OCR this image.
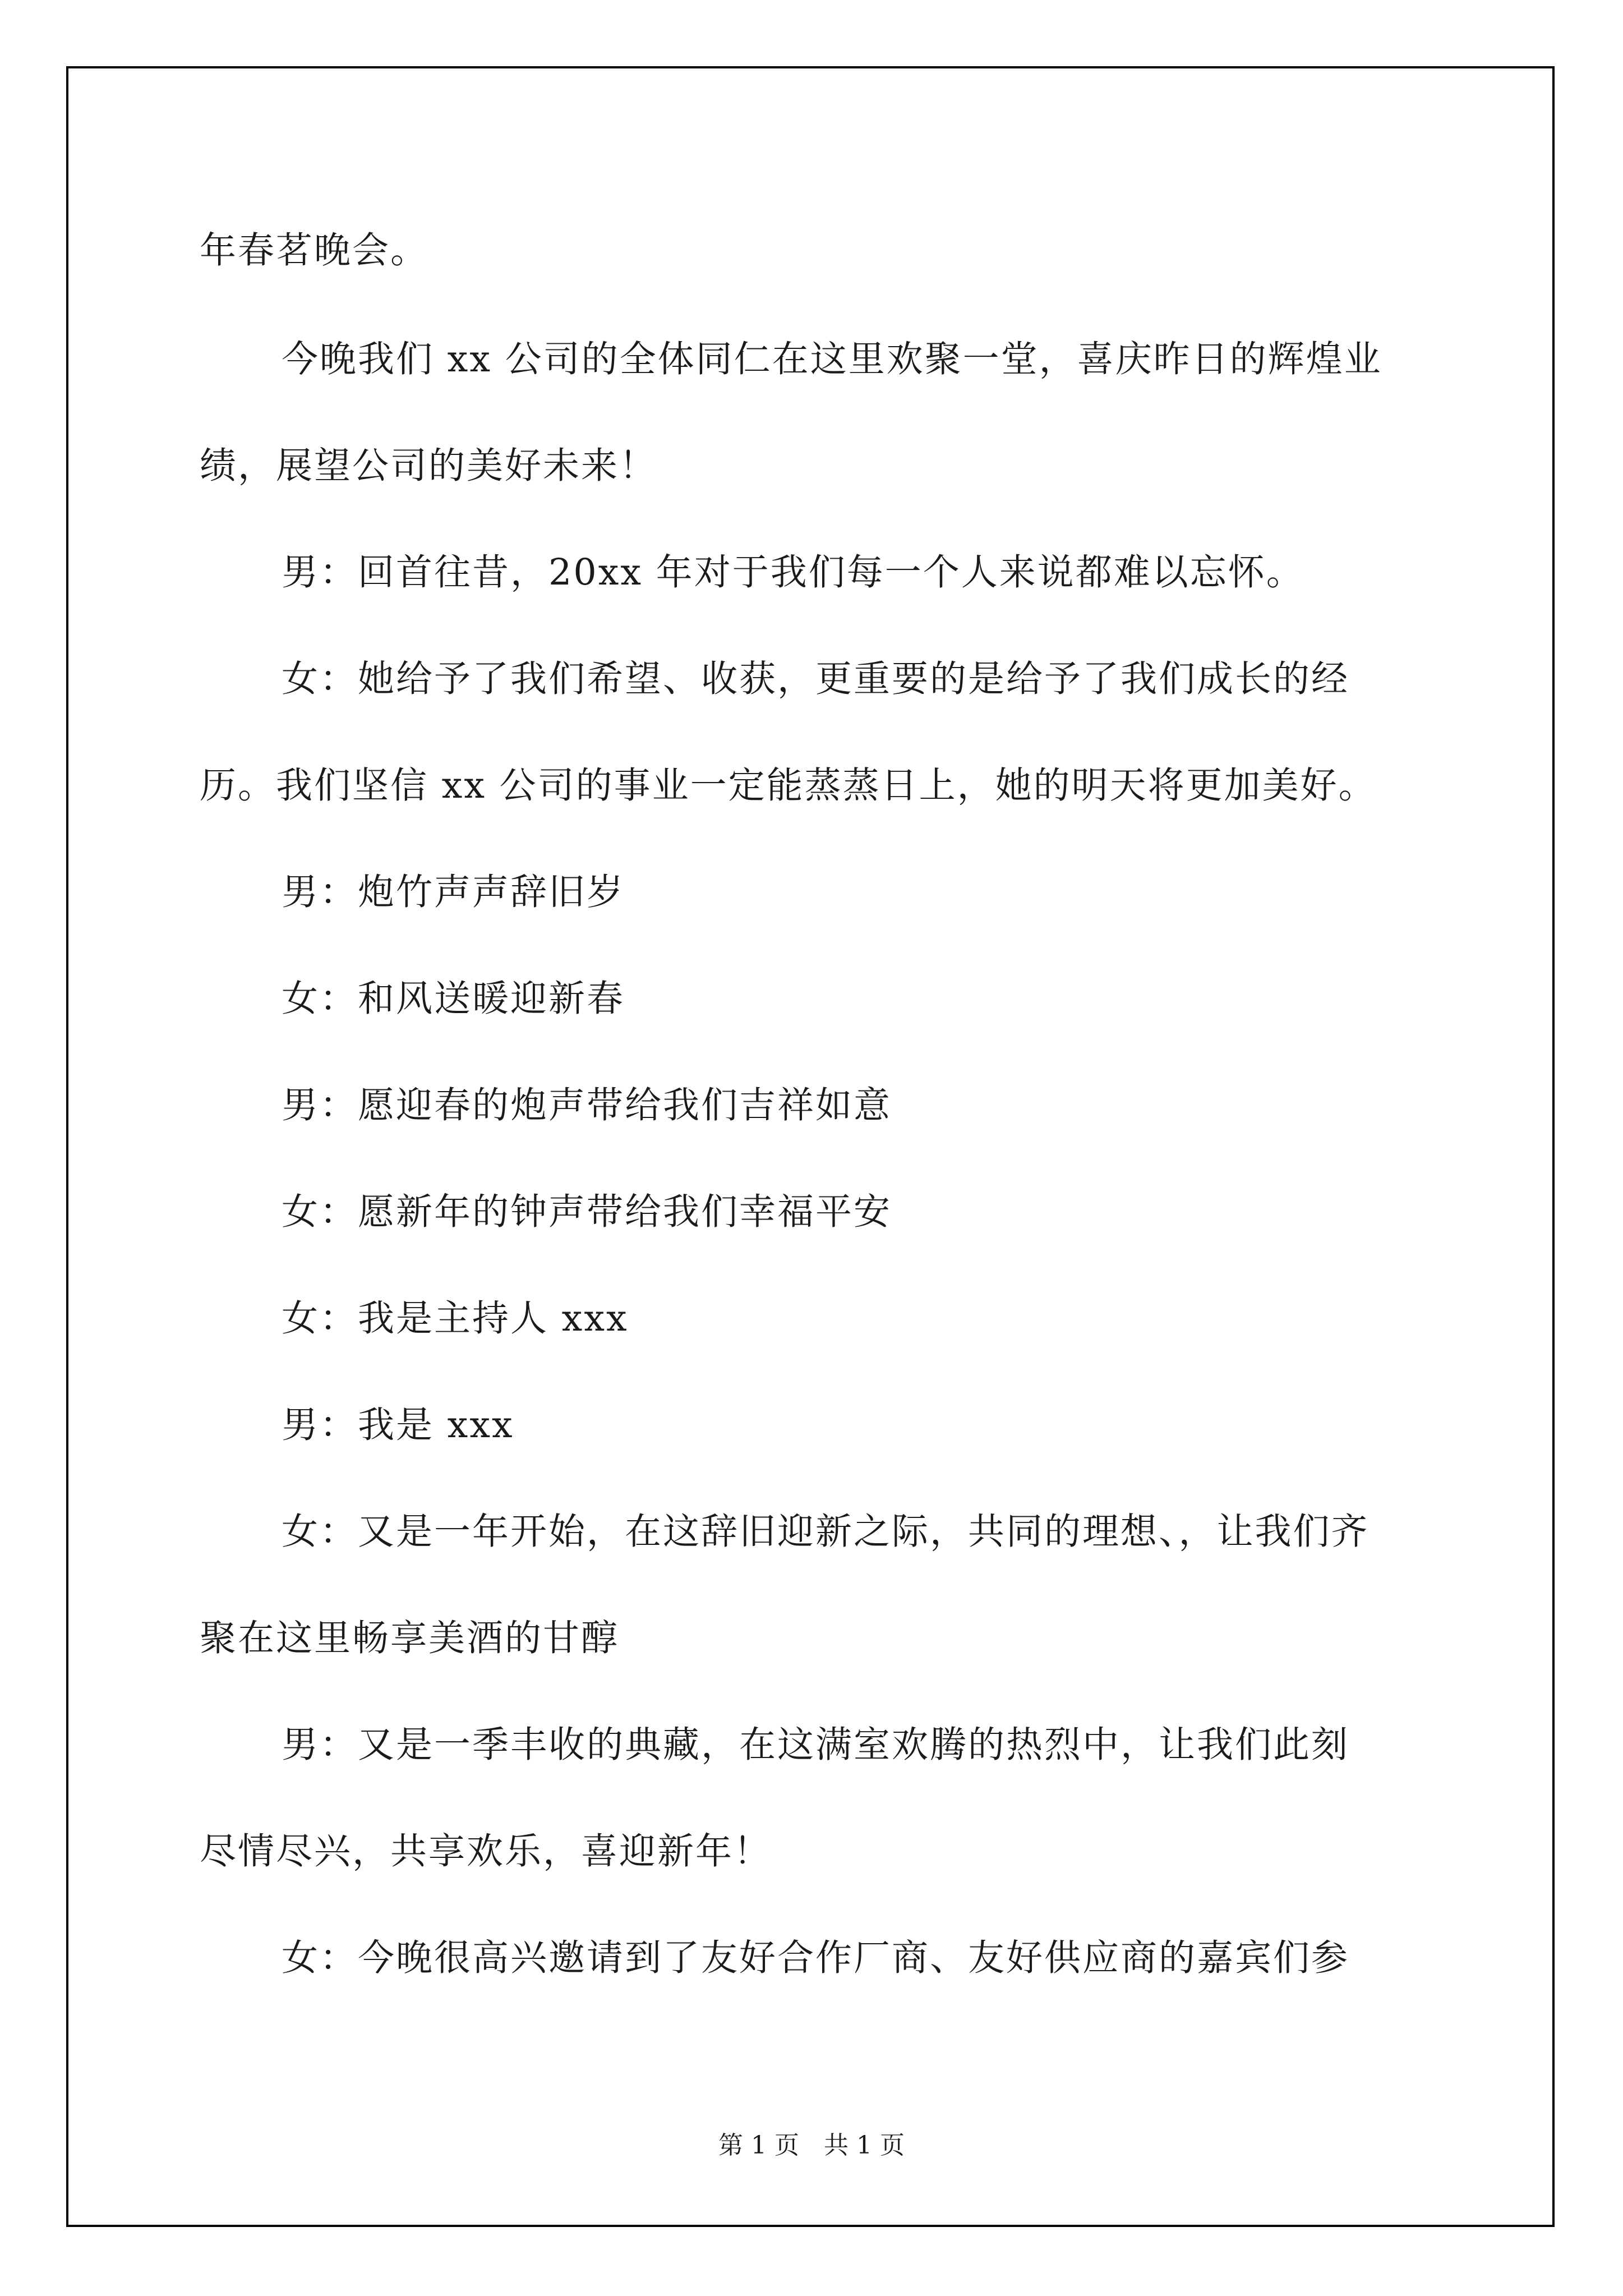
年春茗晚会。
今晚我们 xx 公司的全体同仁在这里欢聚一堂，喜庆昨日的辉煌业
绩，展望公司的美好未来！
男：回首往昔，20xx 年对于我们每一个人来说都难以忘怀。
女：她给予了我们希望、收获，更重要的是给予了我们成长的经
历。我们坚信 xx 公司的事业一定能蒸蒸日上，她的明天将更加美好。
男：炮竹声声辞旧岁
女：和风送暖迎新春
男：愿迎春的炮声带给我们吉祥如意
女：愿新年的钟声带给我们幸福平安
女：我是主持人 xxx
男：我是 xxx
女：又是一年开始，在这辞旧迎新之际，共同的理想、，让我们齐
聚在这里畅享美酒的甘醇
男：又是一季丰收的典藏，在这满室欢腾的热烈中，让我们此刻
尽情尽兴，共享欢乐，喜迎新年！
女：今晚很高兴邀请到了友好合作厂商、友好供应商的嘉宾们参
第 1 页　共 1 页
